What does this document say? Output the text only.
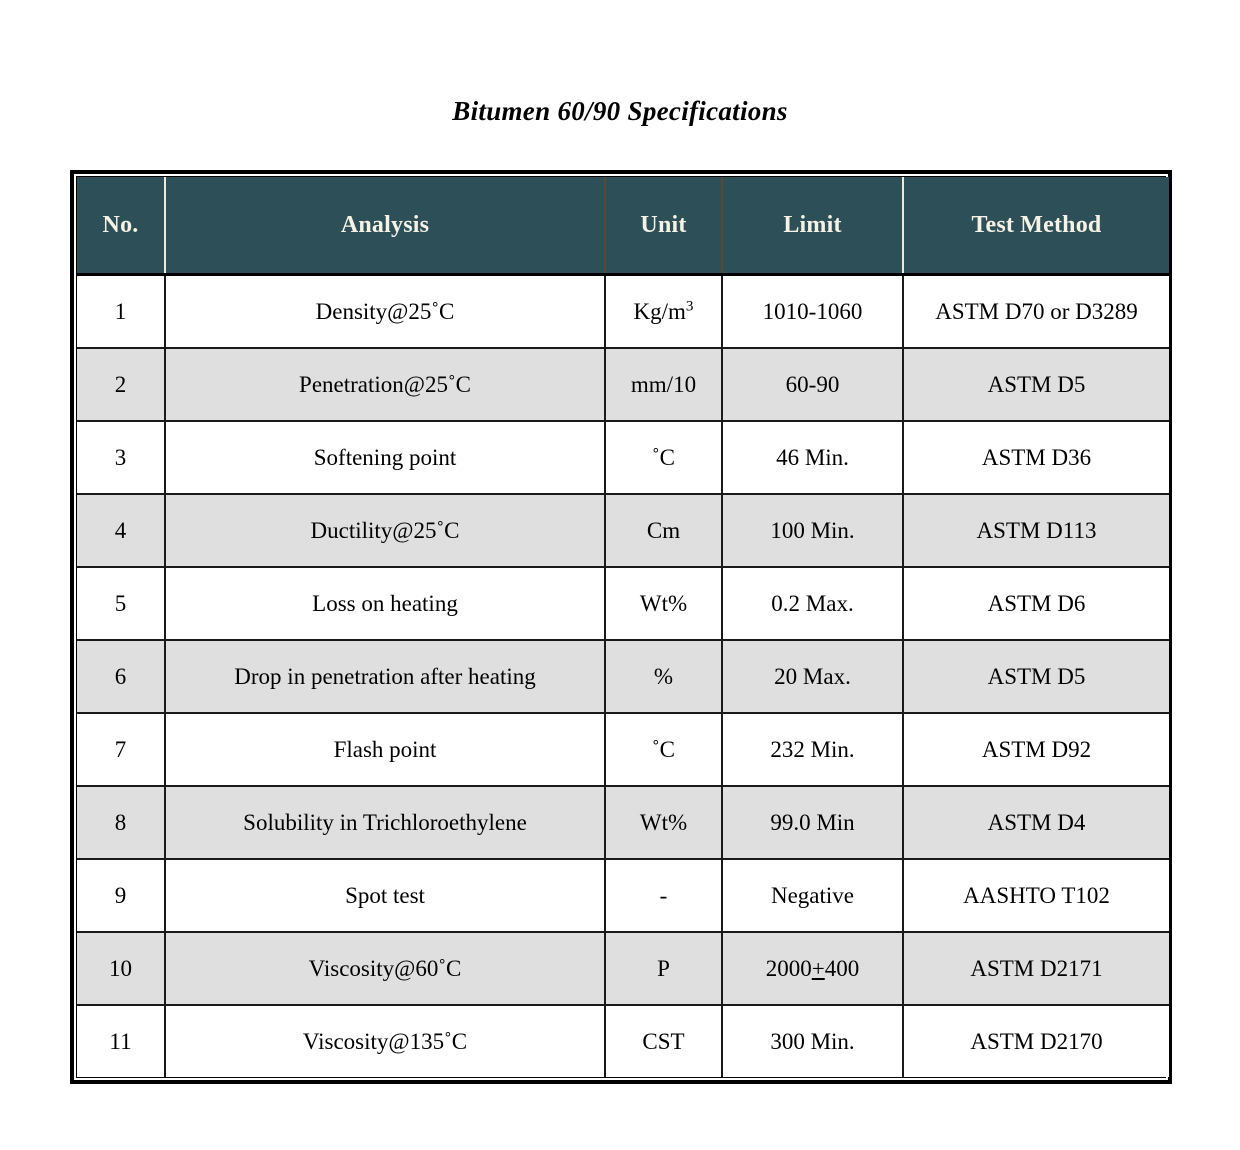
Bitumen 60/90 Specifications
No.	Analysis	Unit	Limit	Test Method
1	Density@25˚C	$Kg/m^3$	1010-1060	ASTM D70 or D3289
2	Penetration@25˚C	mm/10	60-90	ASTM D5
3	Softening point	˚C	46 Min.	ASTM D36
4	Ductility@25˚C	Cm	100 Min.	ASTM D113
5	Loss on heating	Wt%	0.2 Max.	ASTM D6
6	Drop in penetration after heating	%	20 Max.	ASTM D5
7	Flash point	˚C	232 Min.	ASTM D92
8	Solubility in Trichloroethylene	Wt%	99.0 Min	ASTM D4
9	Spot test	-	Negative	AASHTO T102
10	Viscosity@60˚C	P	2000+400	ASTM D2171
11	Viscosity@135˚C	CST	300 Min.	ASTM D2170
